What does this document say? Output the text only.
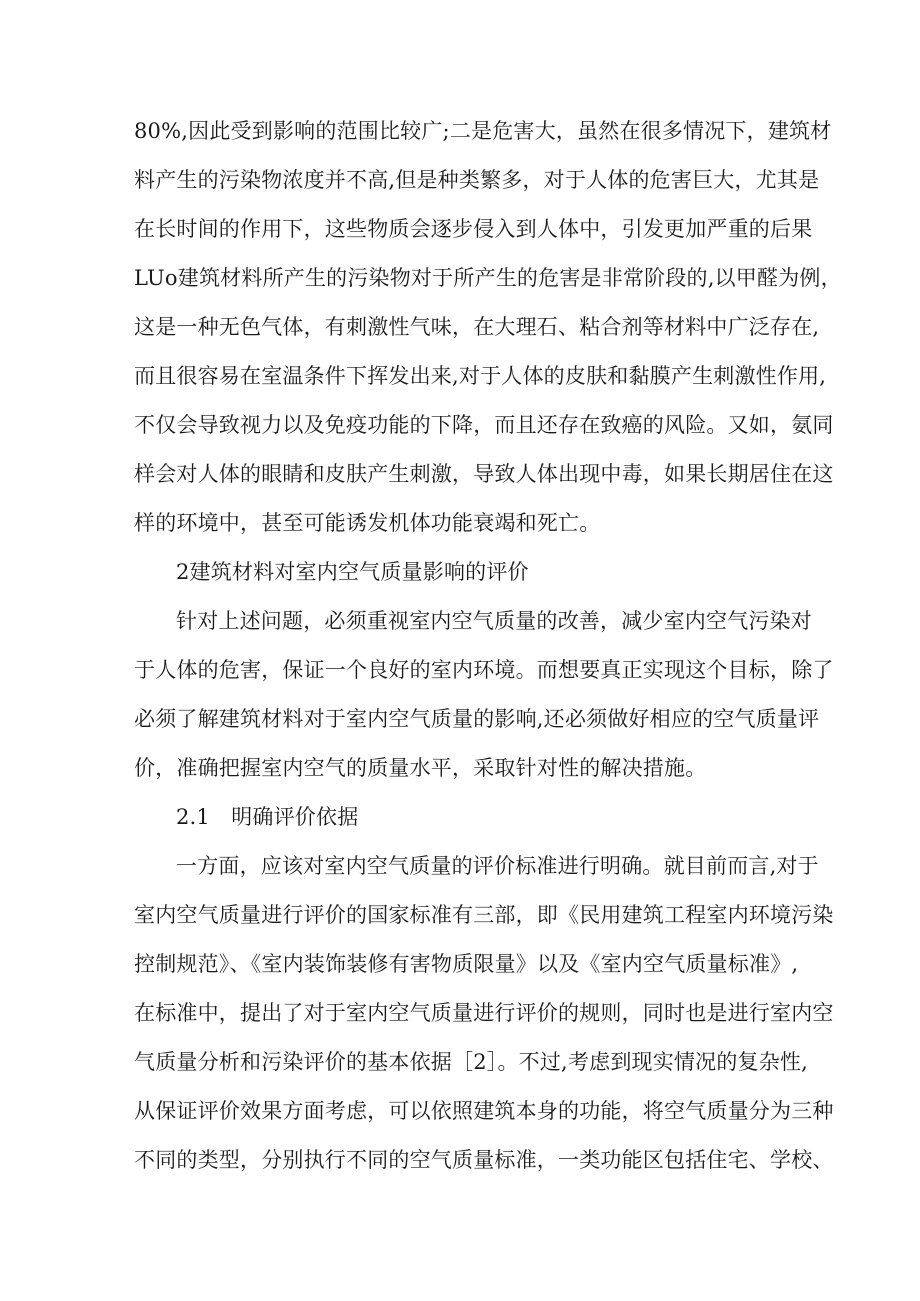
80%,因此受到影响的范围比较广;二是危害大，虽然在很多情况下，建筑材
料产生的污染物浓度并不高,但是种类繁多，对于人体的危害巨大，尤其是
在长时间的作用下，这些物质会逐步侵入到人体中，引发更加严重的后果
LUo建筑材料所产生的污染物对于所产生的危害是非常阶段的,以甲醛为例，
这是一种无色气体，有刺激性气味，在大理石、粘合剂等材料中广泛存在,
而且很容易在室温条件下挥发出来,对于人体的皮肤和黏膜产生刺激性作用,
不仅会导致视力以及免疫功能的下降，而且还存在致癌的风险。又如，氨同
样会对人体的眼睛和皮肤产生刺激，导致人体出现中毒，如果长期居住在这
样的环境中，甚至可能诱发机体功能衰竭和死亡。
2建筑材料对室内空气质量影响的评价
针对上述问题，必须重视室内空气质量的改善，减少室内空气污染对
于人体的危害，保证一个良好的室内环境。而想要真正实现这个目标，除了
必须了解建筑材料对于室内空气质量的影响,还必须做好相应的空气质量评
价，准确把握室内空气的质量水平，采取针对性的解决措施。
2.1　明确评价依据
一方面，应该对室内空气质量的评价标准进行明确。就目前而言,对于
室内空气质量进行评价的国家标准有三部，即《民用建筑工程室内环境污染
控制规范》、《室内装饰装修有害物质限量》以及《室内空气质量标准》,
在标准中，提出了对于室内空气质量进行评价的规则，同时也是进行室内空
气质量分析和污染评价的基本依据［2］。不过,考虑到现实情况的复杂性,
从保证评价效果方面考虑，可以依照建筑本身的功能，将空气质量分为三种
不同的类型，分别执行不同的空气质量标准，一类功能区包括住宅、学校、
